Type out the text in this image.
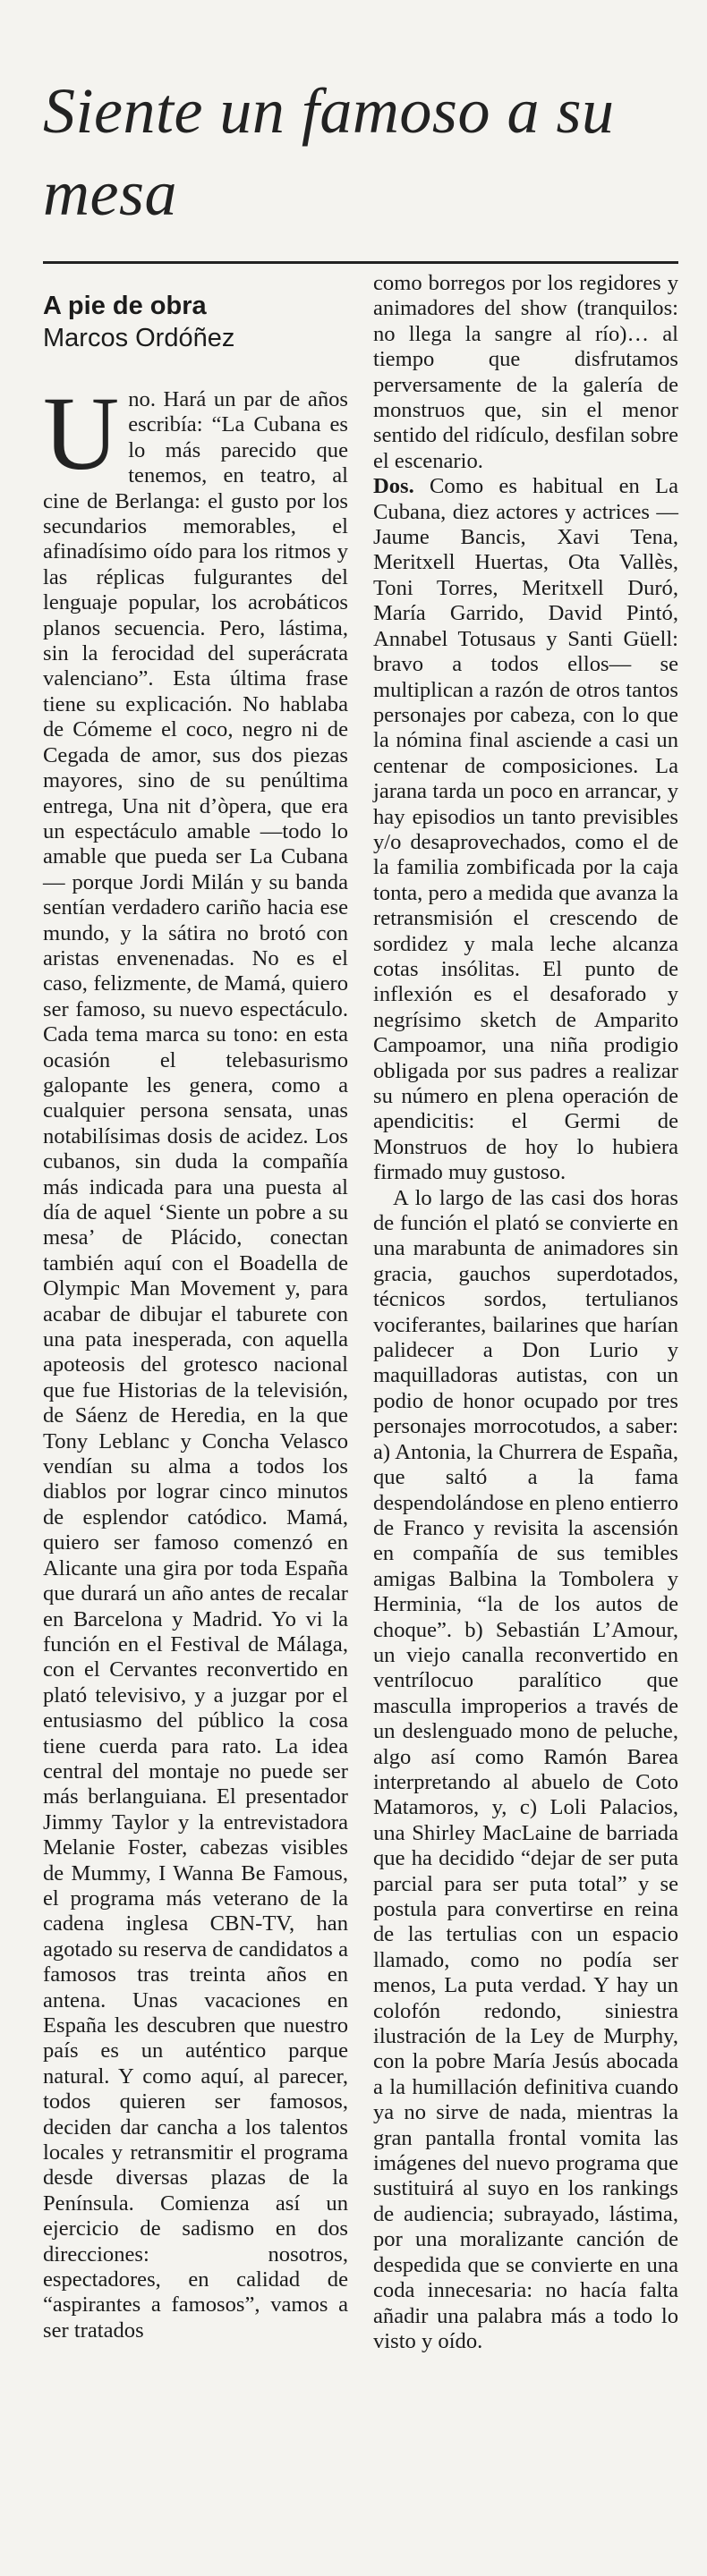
Siente un famoso a su mesa
A pie de obra
Marcos Ordóñez

Uno. Hará un par de años escribía: “La Cubana es lo más parecido que tenemos, en teatro, al cine de Berlanga: el gusto por los secundarios memorables, el afinadísimo oído para los ritmos y las réplicas fulgurantes del lenguaje popular, los acrobáticos planos secuencia. Pero, lástima, sin la ferocidad del superácrata valenciano”. Esta última frase tiene su explicación. No hablaba de Cómeme el coco, negro ni de Cegada de amor, sus dos piezas mayores, sino de su penúltima entrega, Una nit d’òpera, que era un espectáculo amable —todo lo amable que pueda ser La Cubana— porque Jordi Milán y su banda sentían verdadero cariño hacia ese mundo, y la sátira no brotó con aristas envenenadas. No es el caso, felizmente, de Mamá, quiero ser famoso, su nuevo espectáculo. Cada tema marca su tono: en esta ocasión el telebasurismo galopante les genera, como a cualquier persona sensata, unas notabilísimas dosis de acidez. Los cubanos, sin duda la compañía más indicada para una puesta al día de aquel ‘Siente un pobre a su mesa’ de Plácido, conectan también aquí con el Boadella de Olympic Man Movement y, para acabar de dibujar el taburete con una pata inesperada, con aquella apoteosis del grotesco nacional que fue Historias de la televisión, de Sáenz de Heredia, en la que Tony Leblanc y Concha Velasco vendían su alma a todos los diablos por lograr cinco minutos de esplendor catódico. Mamá, quiero ser famoso comenzó en Alicante una gira por toda España que durará un año antes de recalar en Barcelona y Madrid. Yo vi la función en el Festival de Málaga, con el Cervantes reconvertido en plató televisivo, y a juzgar por el entusiasmo del público la cosa tiene cuerda para rato. La idea central del montaje no puede ser más berlanguiana. El presentador Jimmy Taylor y la entrevistadora Melanie Foster, cabezas visibles de Mummy, I Wanna Be Famous, el programa más veterano de la cadena inglesa CBN-TV, han agotado su reserva de candidatos a famosos tras treinta años en antena. Unas vacaciones en España les descubren que nuestro país es un auténtico parque natural. Y como aquí, al parecer, todos quieren ser famosos, deciden dar cancha a los talentos locales y retransmitir el programa desde diversas plazas de la Península. Comienza así un ejercicio de sadismo en dos direcciones: nosotros, espectadores, en calidad de “aspirantes a famosos”, vamos a ser tratados

como borregos por los regidores y animadores del show (tranquilos: no llega la sangre al río)… al tiempo que disfrutamos perversamente de la galería de monstruos que, sin el menor sentido del ridículo, desfilan sobre el escenario.

Dos. Como es habitual en La Cubana, diez actores y actrices —Jaume Bancis, Xavi Tena, Meritxell Huertas, Ota Vallès, Toni Torres, Meritxell Duró, María Garrido, David Pintó, Annabel Totusaus y Santi Güell: bravo a todos ellos— se multiplican a razón de otros tantos personajes por cabeza, con lo que la nómina final asciende a casi un centenar de composiciones. La jarana tarda un poco en arrancar, y hay episodios un tanto previsibles y/o desaprovechados, como el de la familia zombificada por la caja tonta, pero a medida que avanza la retransmisión el crescendo de sordidez y mala leche alcanza cotas insólitas. El punto de inflexión es el desaforado y negrísimo sketch de Amparito Campoamor, una niña prodigio obligada por sus padres a realizar su número en plena operación de apendicitis: el Germi de Monstruos de hoy lo hubiera firmado muy gustoso.

A lo largo de las casi dos horas de función el plató se convierte en una marabunta de animadores sin gracia, gauchos superdotados, técnicos sordos, tertulianos vociferantes, bailarines que harían palidecer a Don Lurio y maquilladoras autistas, con un podio de honor ocupado por tres personajes morrocotudos, a saber: a) Antonia, la Churrera de España, que saltó a la fama despendolándose en pleno entierro de Franco y revisita la ascensión en compañía de sus temibles amigas Balbina la Tombolera y Herminia, “la de los autos de choque”. b) Sebastián L’Amour, un viejo canalla reconvertido en ventrílocuo paralítico que masculla improperios a través de un deslenguado mono de peluche, algo así como Ramón Barea interpretando al abuelo de Coto Matamoros, y, c) Loli Palacios, una Shirley MacLaine de barriada que ha decidido “dejar de ser puta parcial para ser puta total” y se postula para convertirse en reina de las tertulias con un espacio llamado, como no podía ser menos, La puta verdad. Y hay un colofón redondo, siniestra ilustración de la Ley de Murphy, con la pobre María Jesús abocada a la humillación definitiva cuando ya no sirve de nada, mientras la gran pantalla frontal vomita las imágenes del nuevo programa que sustituirá al suyo en los rankings de audiencia; subrayado, lástima, por una moralizante canción de despedida que se convierte en una coda innecesaria: no hacía falta añadir una palabra más a todo lo visto y oído.
